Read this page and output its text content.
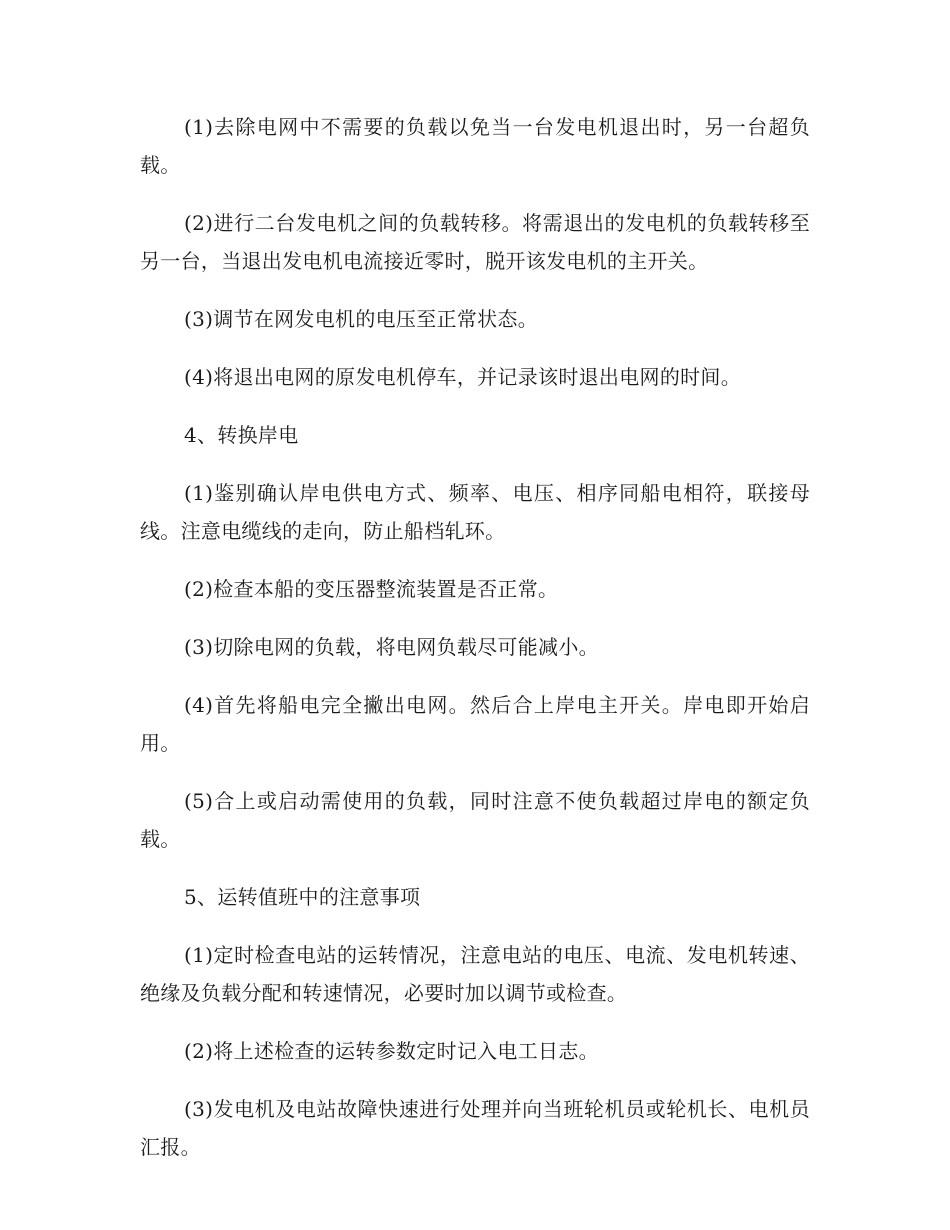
(1)去除电网中不需要的负载以免当一台发电机退出时，另一台超负载。

(2)进行二台发电机之间的负载转移。将需退出的发电机的负载转移至另一台，当退出发电机电流接近零时，脱开该发电机的主开关。

(3)调节在网发电机的电压至正常状态。

(4)将退出电网的原发电机停车，并记录该时退出电网的时间。

4、转换岸电

(1)鉴别确认岸电供电方式、频率、电压、相序同船电相符，联接母线。注意电缆线的走向，防止船档轧环。

(2)检查本船的变压器整流装置是否正常。

(3)切除电网的负载，将电网负载尽可能减小。

(4)首先将船电完全撇出电网。然后合上岸电主开关。岸电即开始启用。

(5)合上或启动需使用的负载，同时注意不使负载超过岸电的额定负载。

5、运转值班中的注意事项

(1)定时检查电站的运转情况，注意电站的电压、电流、发电机转速、绝缘及负载分配和转速情况，必要时加以调节或检查。

(2)将上述检查的运转参数定时记入电工日志。

(3)发电机及电站故障快速进行处理并向当班轮机员或轮机长、电机员汇报。
